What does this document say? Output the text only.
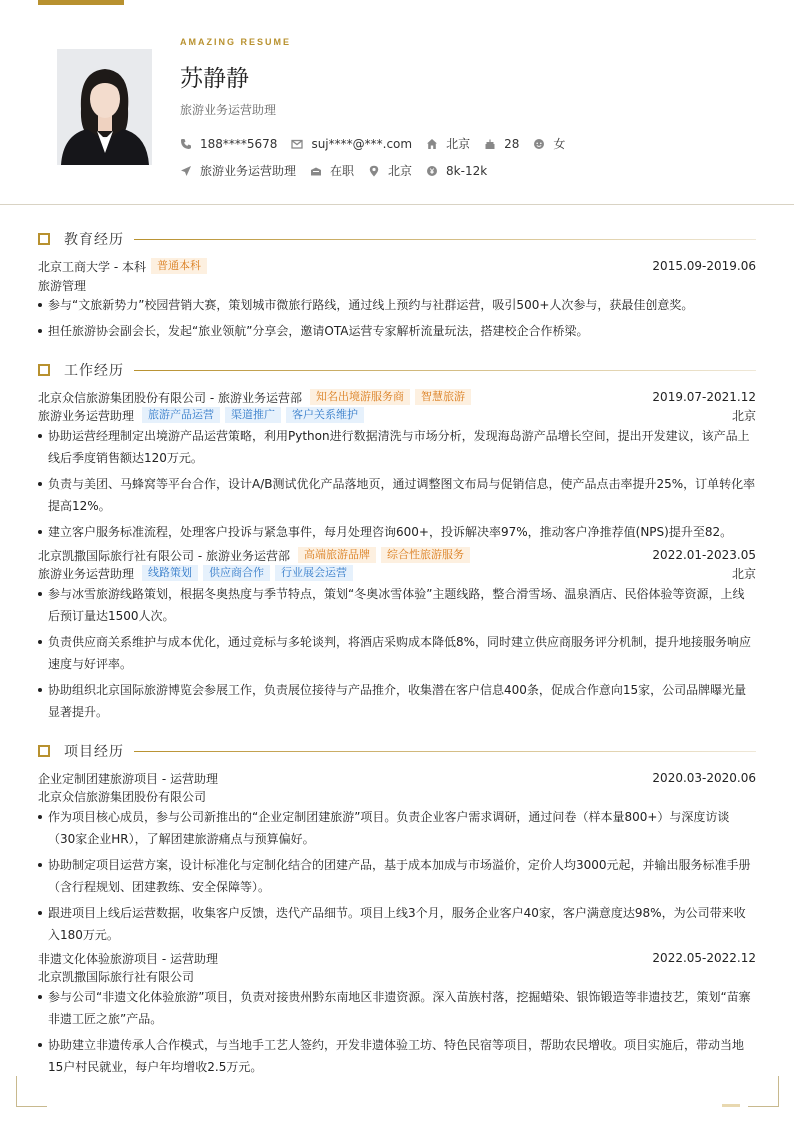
AMAZING RESUME
苏静静
旅游业务运营助理
188****5678	suj****@***.com	北京	28	女
旅游业务运营助理	在职	北京	8k-12k
教育经历
北京工商大学 - 本科	普通本科	2015.09-2019.06
旅游管理
参与“文旅新势力”校园营销大赛，策划城市微旅行路线，通过线上预约与社群运营，吸引500+人次参与，获最佳创意奖。
担任旅游协会副会长，发起“旅业领航”分享会，邀请OTA运营专家解析流量玩法，搭建校企合作桥梁。
工作经历
北京众信旅游集团股份有限公司 - 旅游业务运营部	知名出境游服务商	智慧旅游	2019.07-2021.12
旅游业务运营助理	旅游产品运营	渠道推广	客户关系维护	北京
协助运营经理制定出境游产品运营策略，利用Python进行数据清洗与市场分析，发现海岛游产品增长空间，提出开发建议，该产品上线后季度销售额达120万元。
负责与美团、马蜂窝等平台合作，设计A/B测试优化产品落地页，通过调整图文布局与促销信息，使产品点击率提升25%，订单转化率提高12%。
建立客户服务标准流程，处理客户投诉与紧急事件，每月处理咨询600+，投诉解决率97%，推动客户净推荐值(NPS)提升至82。
北京凯撒国际旅行社有限公司 - 旅游业务运营部	高端旅游品牌	综合性旅游服务	2022.01-2023.05
旅游业务运营助理	线路策划	供应商合作	行业展会运营	北京
参与冰雪旅游线路策划，根据冬奥热度与季节特点，策划“冬奥冰雪体验”主题线路，整合滑雪场、温泉酒店、民俗体验等资源，上线后预订量达1500人次。
负责供应商关系维护与成本优化，通过竞标与多轮谈判，将酒店采购成本降低8%，同时建立供应商服务评分机制，提升地接服务响应速度与好评率。
协助组织北京国际旅游博览会参展工作，负责展位接待与产品推介，收集潜在客户信息400条，促成合作意向15家，公司品牌曝光量显著提升。
项目经历
企业定制团建旅游项目 - 运营助理	2020.03-2020.06
北京众信旅游集团股份有限公司
作为项目核心成员，参与公司新推出的“企业定制团建旅游”项目。负责企业客户需求调研，通过问卷（样本量800+）与深度访谈（30家企业HR），了解团建旅游痛点与预算偏好。
协助制定项目运营方案，设计标准化与定制化结合的团建产品，基于成本加成与市场溢价，定价人均3000元起，并输出服务标准手册（含行程规划、团建教练、安全保障等）。
跟进项目上线后运营数据，收集客户反馈，迭代产品细节。项目上线3个月，服务企业客户40家，客户满意度达98%，为公司带来收入180万元。
非遗文化体验旅游项目 - 运营助理	2022.05-2022.12
北京凯撒国际旅行社有限公司
参与公司“非遗文化体验旅游”项目，负责对接贵州黔东南地区非遗资源。深入苗族村落，挖掘蜡染、银饰锻造等非遗技艺，策划“苗寨非遗工匠之旅”产品。
协助建立非遗传承人合作模式，与当地手工艺人签约，开发非遗体验工坊、特色民宿等项目，帮助农民增收。项目实施后，带动当地15户村民就业，每户年均增收2.5万元。
